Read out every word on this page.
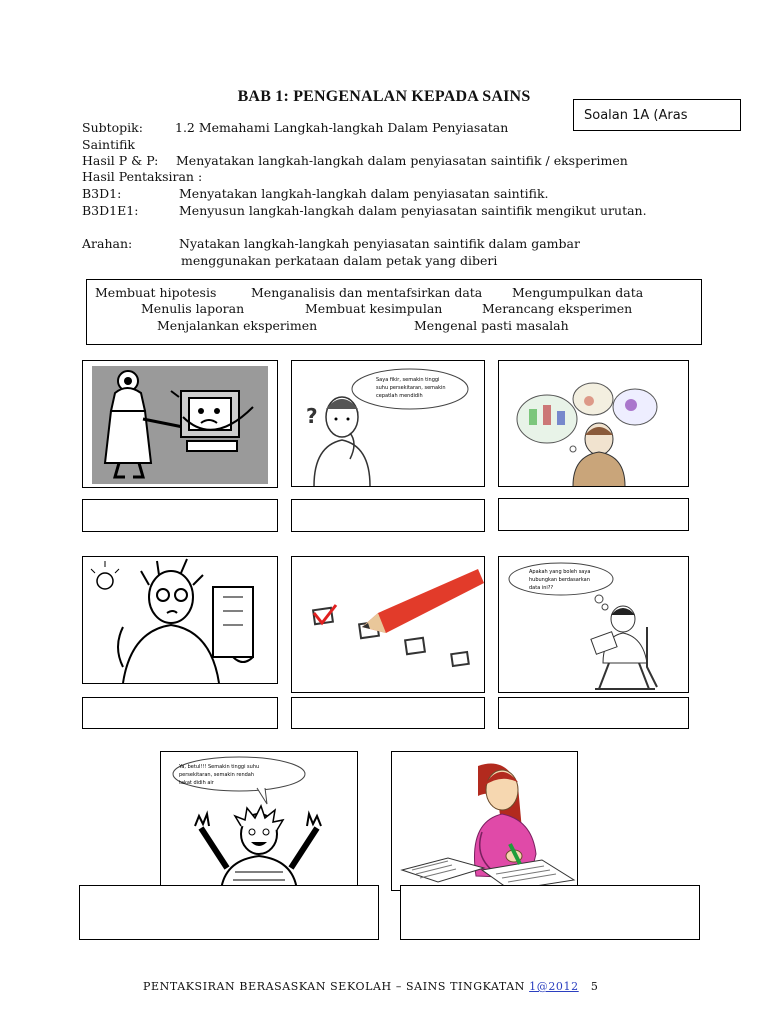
BAB 1: PENGENALAN KEPADA SAINS
Soalan 1A (Aras
Subtopik:	1.2 Memahami Langkah-langkah Dalam Penyiasatan
Saintifik
Hasil P & P: Menyatakan langkah-langkah dalam penyiasatan saintifik / eksperimen
Hasil Pentaksiran :
B3D1:	Menyatakan langkah-langkah dalam penyiasatan saintifik.
B3D1E1:	Menyusun langkah-langkah dalam penyiasatan saintifik mengikut urutan.
Arahan:	Nyatakan langkah-langkah penyiasatan saintifik dalam gambar
menggunakan perkataan dalam petak yang diberi
Membuat hipotesis	Menganalisis dan mentafsirkan data Mengumpulkan data
Menulis laporan	Membuat kesimpulan	Merancang eksperimen
Menjalankan eksperimen	Mengenal pasti masalah
Saya fikir, semakin tinggi
suhu persekitaran, semakin
cepatlah mendidih
?
Apakah yang boleh saya
hubungkan berdasarkan
data ini??
Ya, betul!!! Semakin tinggi suhu
persekitaran, semakin rendah
takat didih air
PENTAKSIRAN BERASASKAN SEKOLAH – SAINS TINGKATAN 1@2012 5
